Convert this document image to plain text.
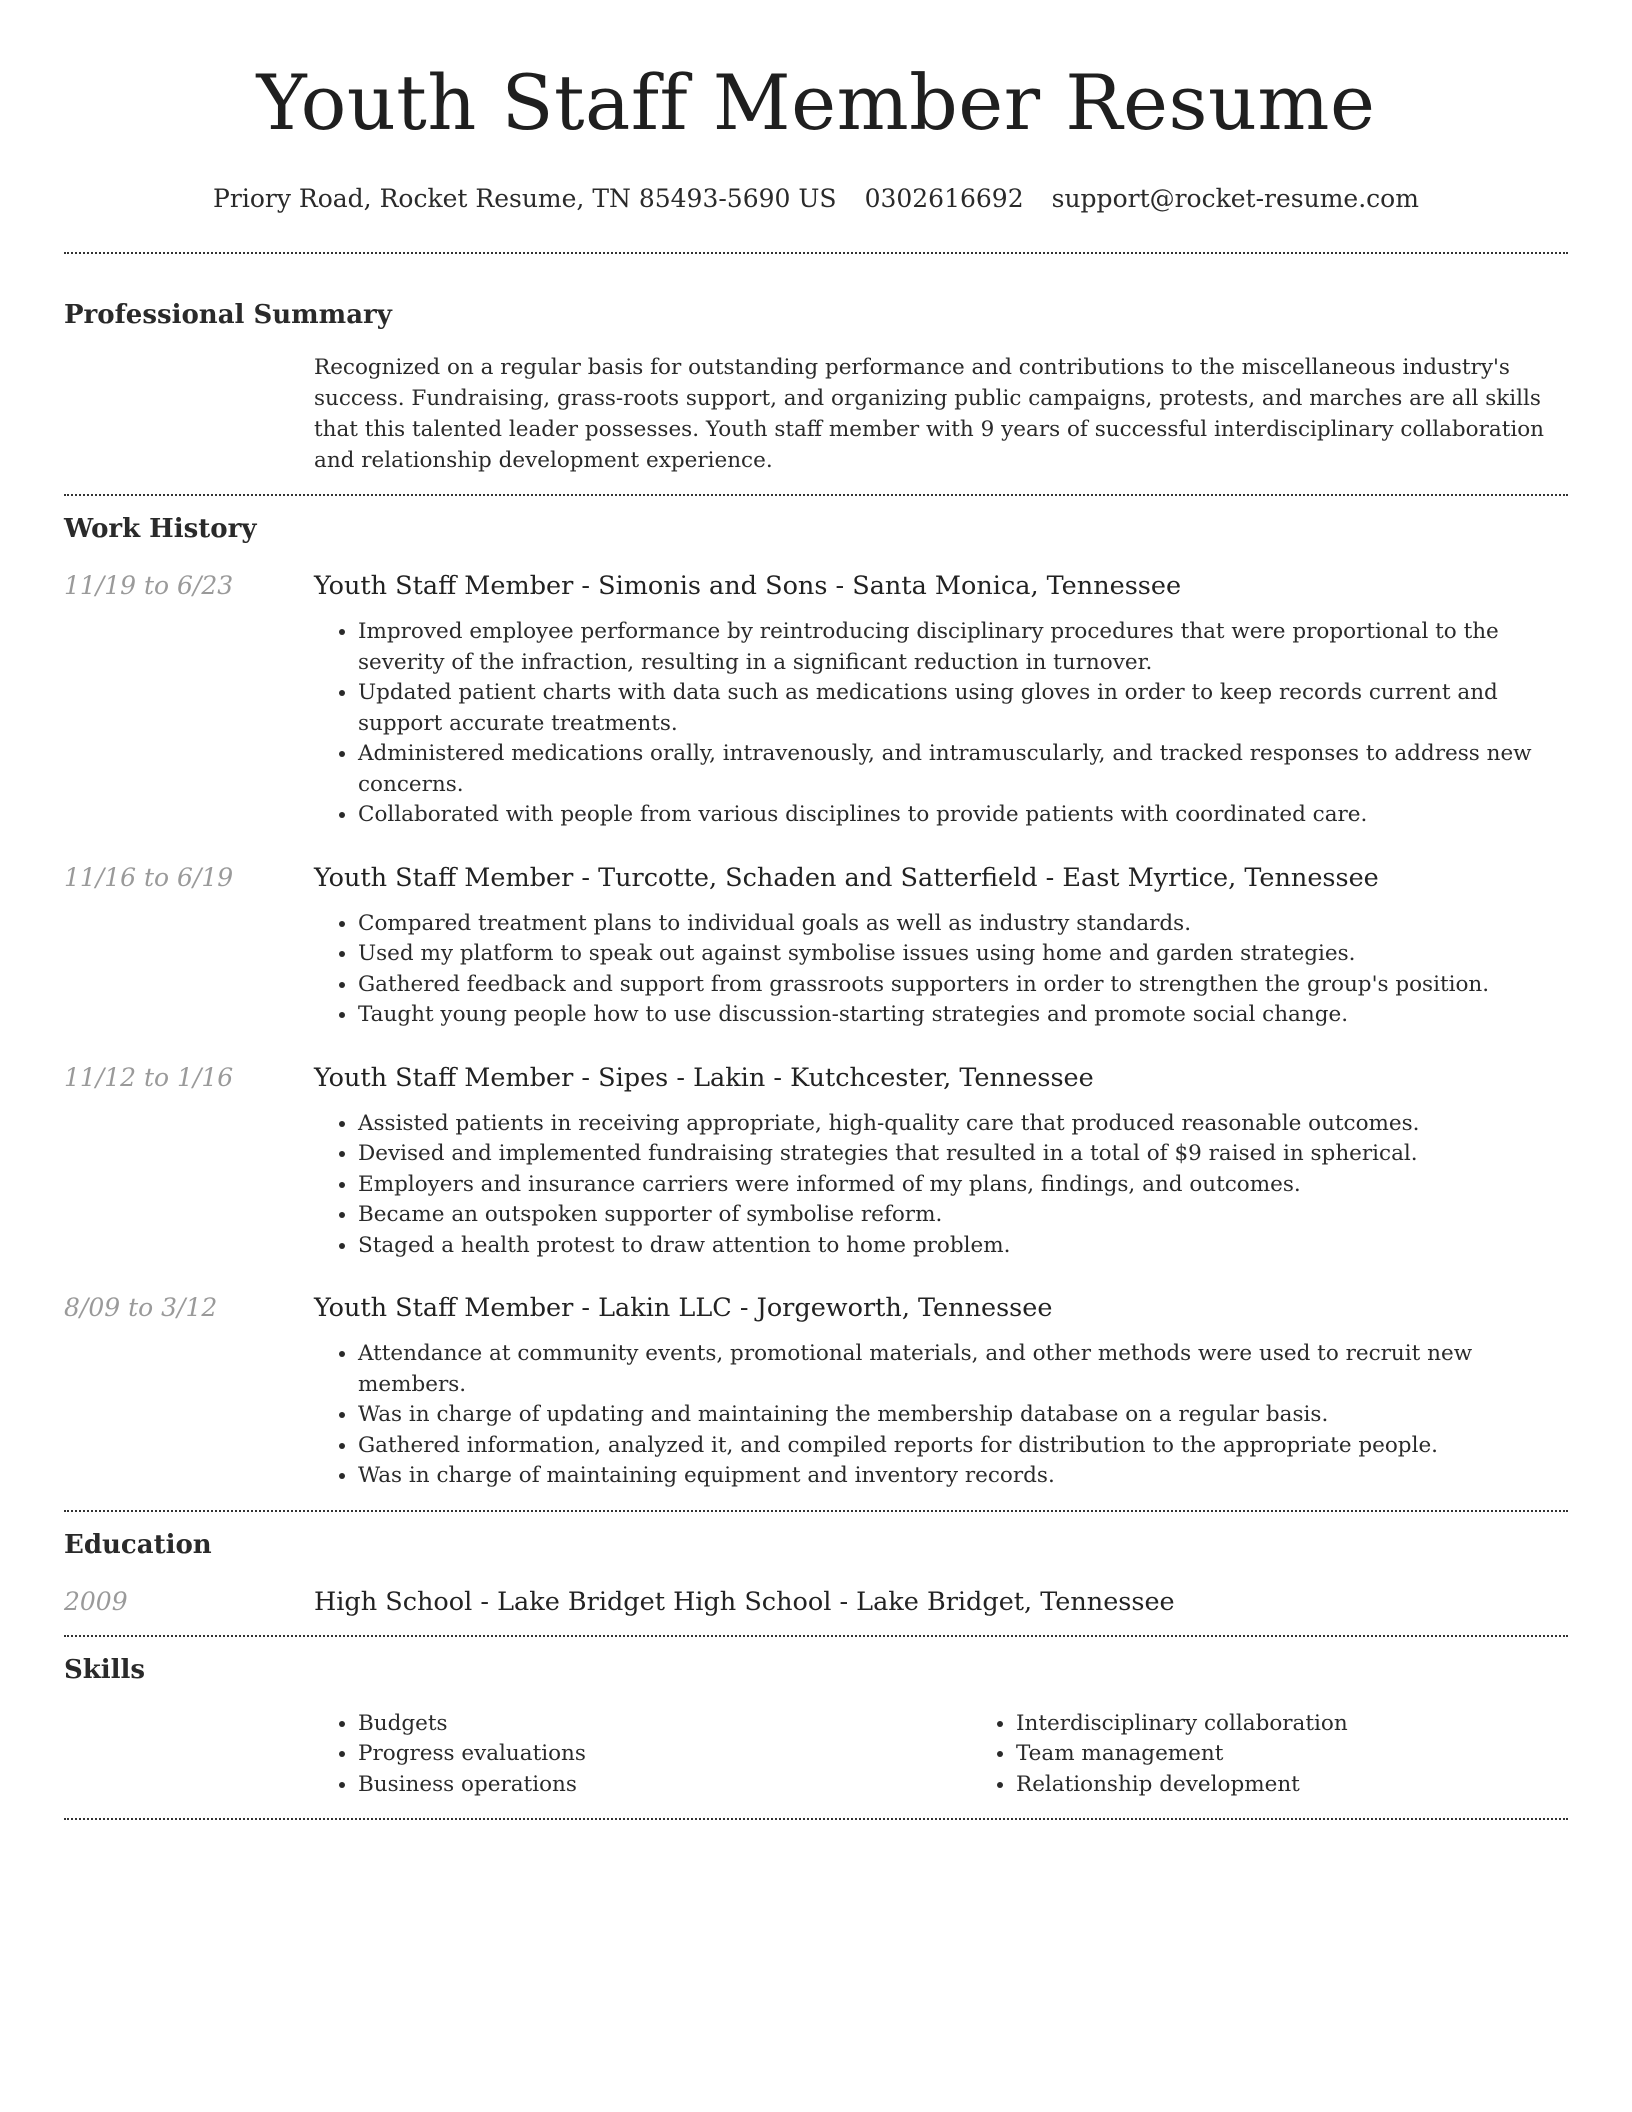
Youth Staff Member Resume
Priory Road, Rocket Resume, TN 85493-5690 US 0302616692 support@rocket-resume.com
Professional Summary

Recognized on a regular basis for outstanding performance and contributions to the miscellaneous industry's success. Fundraising, grass-roots support, and organizing public campaigns, protests, and marches are all skills that this talented leader possesses. Youth staff member with 9 years of successful interdisciplinary collaboration and relationship development experience.

Work History
11/19 to 6/23	Youth Staff Member - Simonis and Sons - Santa Monica, Tennessee
• Improved employee performance by reintroducing disciplinary procedures that were proportional to the severity of the infraction, resulting in a significant reduction in turnover.
• Updated patient charts with data such as medications using gloves in order to keep records current and support accurate treatments.
• Administered medications orally, intravenously, and intramuscularly, and tracked responses to address new concerns.
• Collaborated with people from various disciplines to provide patients with coordinated care.
11/16 to 6/19	Youth Staff Member - Turcotte, Schaden and Satterfield - East Myrtice, Tennessee
• Compared treatment plans to individual goals as well as industry standards.
• Used my platform to speak out against symbolise issues using home and garden strategies.
• Gathered feedback and support from grassroots supporters in order to strengthen the group's position.
• Taught young people how to use discussion-starting strategies and promote social change.
11/12 to 1/16	Youth Staff Member - Sipes - Lakin - Kutchcester, Tennessee
• Assisted patients in receiving appropriate, high-quality care that produced reasonable outcomes.
• Devised and implemented fundraising strategies that resulted in a total of $9 raised in spherical.
• Employers and insurance carriers were informed of my plans, findings, and outcomes.
• Became an outspoken supporter of symbolise reform.
• Staged a health protest to draw attention to home problem.
8/09 to 3/12	Youth Staff Member - Lakin LLC - Jorgeworth, Tennessee
• Attendance at community events, promotional materials, and other methods were used to recruit new members.
• Was in charge of updating and maintaining the membership database on a regular basis.
• Gathered information, analyzed it, and compiled reports for distribution to the appropriate people.
• Was in charge of maintaining equipment and inventory records.
Education
2009	High School - Lake Bridget High School - Lake Bridget, Tennessee
Skills
• Budgets
• Progress evaluations
• Business operations
• Interdisciplinary collaboration
• Team management
• Relationship development
